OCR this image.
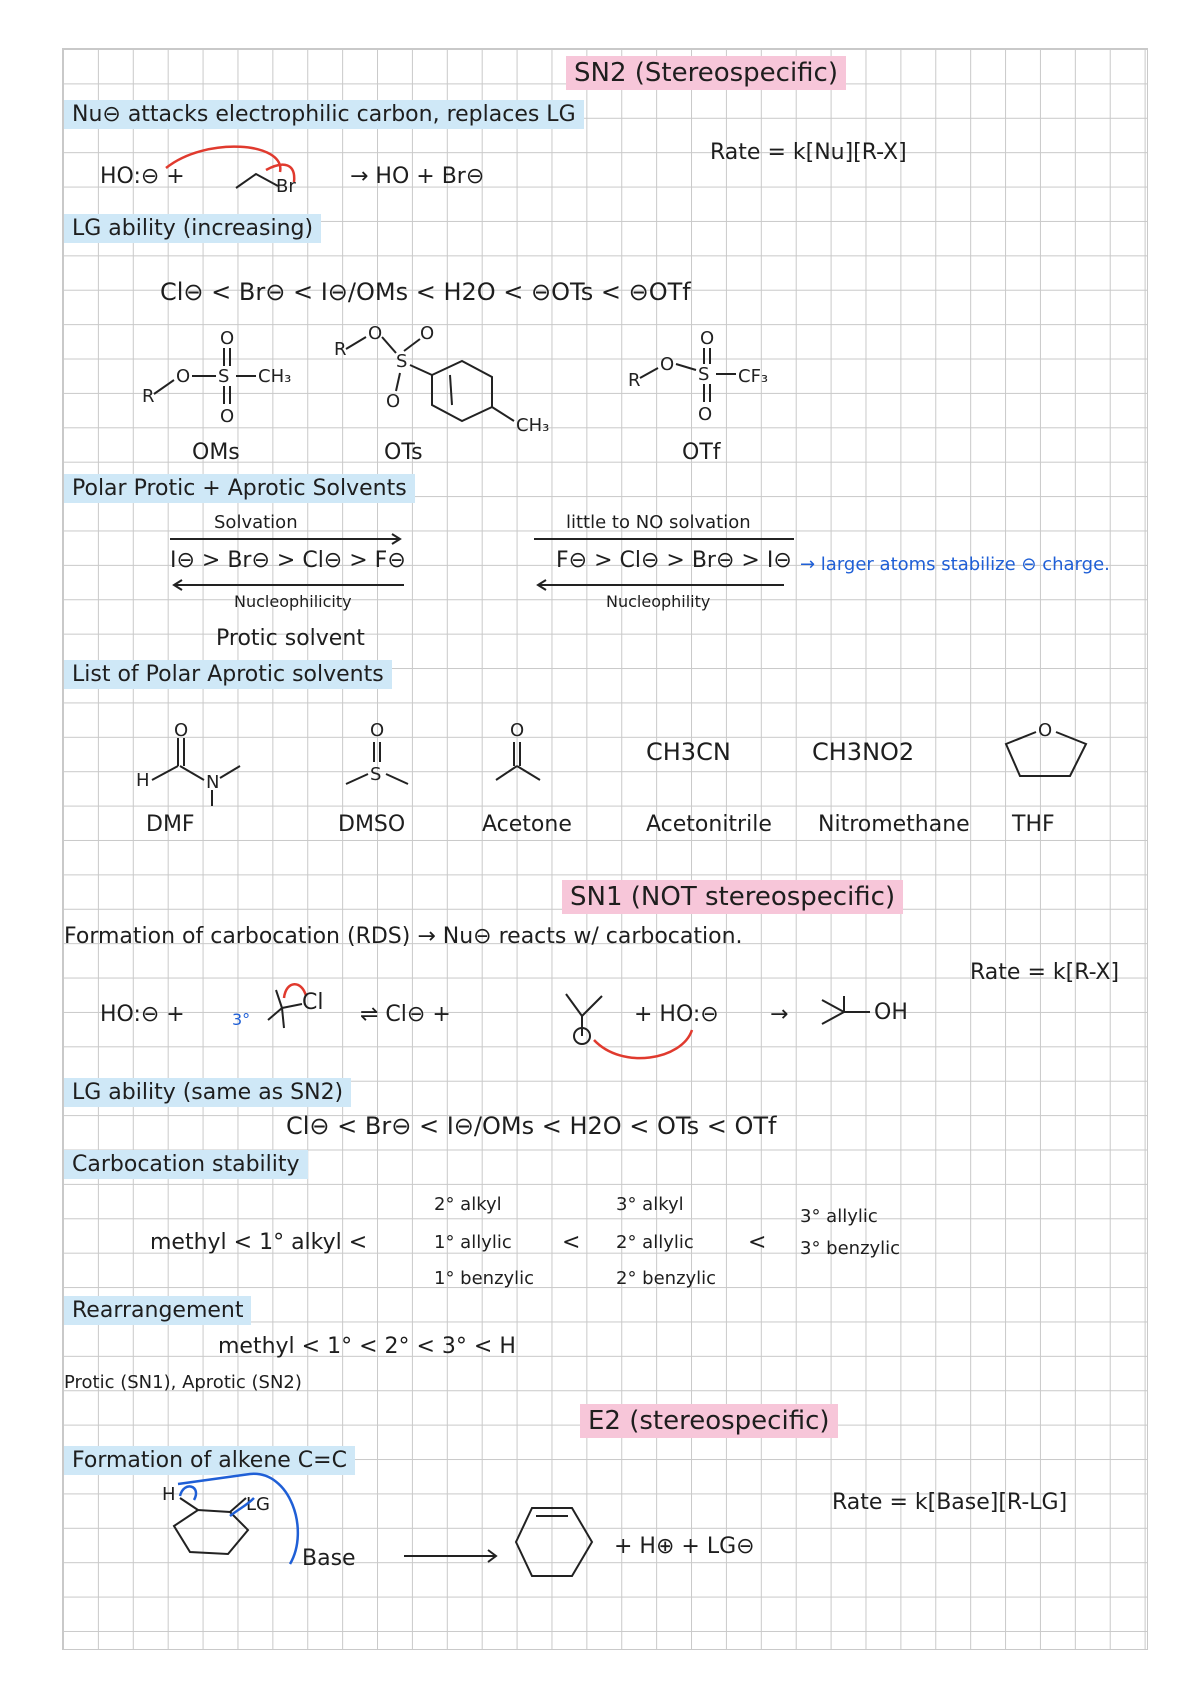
SN2 (Stereospecific)
Nu⊖ attacks electrophilic carbon, replaces LG
HO:⊖ +	Br → HO + Br⊖
Rate = k[Nu][R-X]
LG ability (increasing)
Cl⊖ < Br⊖ < I⊖/OMs < H2O < ⊖OTs < ⊖OTf
R
O S
O
O
CH₃
OMs
R
O
S
O
O
CH₃
OTs
R
O S
O
O
CF₃
OTf
Polar Protic + Aprotic Solvents
Solvation
I⊖ > Br⊖ > Cl⊖ > F⊖
Nucleophilicity
Protic solvent
little to NO solvation
F⊖ > Cl⊖ > Br⊖ > I⊖
Nucleophility
→ larger atoms stabilize ⊖ charge.
List of Polar Aprotic solvents
H
O
N
O
S
O
CH3CN	CH3NO2
O
DMF	DMSO	Acetone	Acetonitrile Nitromethane THF
SN1 (NOT stereospecific)
Formation of carbocation (RDS) → Nu⊖ reacts w/ carbocation.
Rate = k[R-X]
HO:⊖ +	3°
Cl ⇌ Cl⊖ +	+ HO:⊖ →	OH
LG ability (same as SN2)
Cl⊖ < Br⊖ < I⊖/OMs < H2O < OTs < OTf
Carbocation stability
methyl < 1° alkyl <
2° alkyl
1° allylic
1° benzylic
<
3° alkyl
2° allylic
2° benzylic
<
3° allylic
3° benzylic
Rearrangement
methyl < 1° < 2° < 3° < H
Protic (SN1), Aprotic (SN2)
E2 (stereospecific)
Formation of alkene C=C
H	LG
Base	+ H⊕ + LG⊖
Rate = k[Base][R-LG]
